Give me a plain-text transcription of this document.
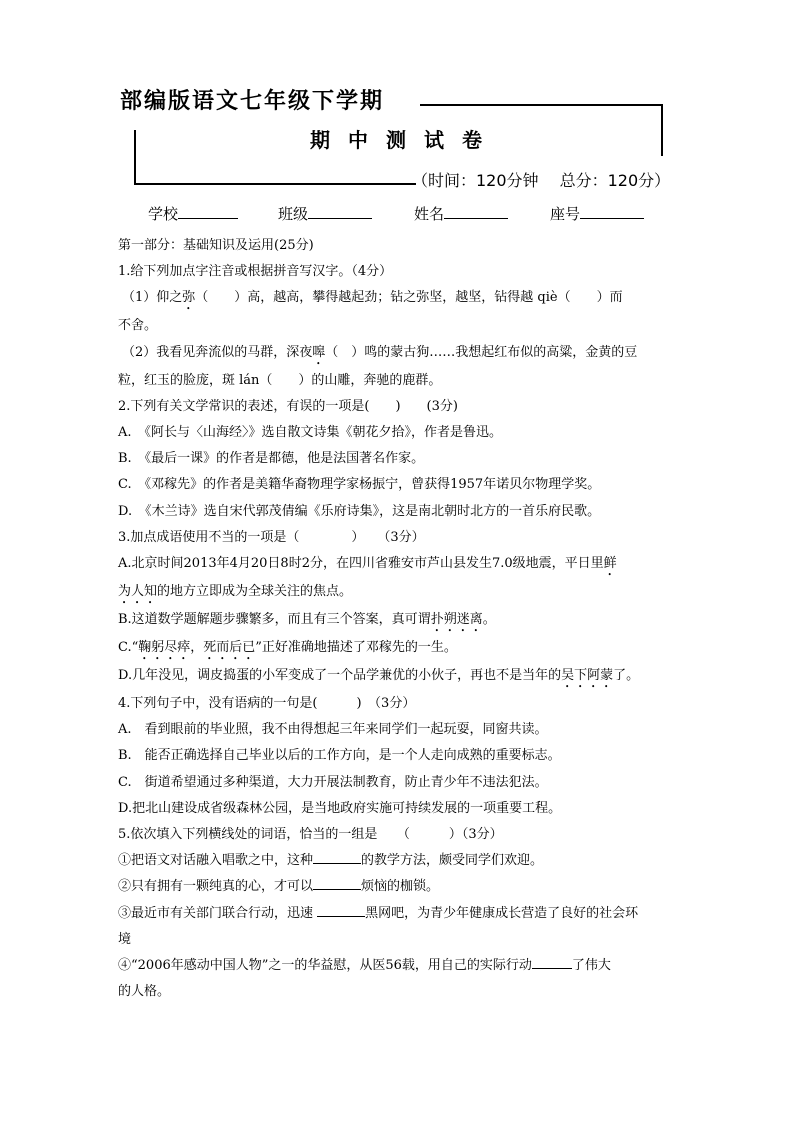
部编版语文七年级下学期
期中测试卷
（时间：120分钟　 总分：120分）
学校	班级	姓名	座号

第一部分：基础知识及运用(25分)

1.给下列加点字注音或根据拼音写汉字。（4分）

（1）仰之弥（　　）高，越高，攀得越起劲；钻之弥坚，越坚，钻得越 qiè（　　）而

不舍。

（2）我看见奔流似的马群，深夜嗥（　）鸣的蒙古狗……我想起红布似的高粱，金黄的豆

粒，红玉的脸庞，斑 lán（　　）的山雕，奔驰的鹿群。

2.下列有关文学常识的表述，有误的一项是(　　)　　(3分)

A.　《阿长与〈山海经〉》选自散文诗集《朝花夕拾》，作者是鲁迅。

B.　《最后一课》的作者是都德，他是法国著名作家。

C.　《邓稼先》的作者是美籍华裔物理学家杨振宁，曾获得1957年诺贝尔物理学奖。

D.　《木兰诗》选自宋代郭茂倩编《乐府诗集》，这是南北朝时北方的一首乐府民歌。

3.加点成语使用不当的一项是（　　　　）　　（3分）

A.北京时间2013年4月20日8时2分，在四川省雅安市芦山县发生7.0级地震，平日里鲜

为人知的地方立即成为全球关注的焦点。

B.这道数学题解题步骤繁多，而且有三个答案，真可谓扑朔迷离。

C.“鞠躬尽瘁，死而后已”正好准确地描述了邓稼先的一生。

D.几年没见，调皮捣蛋的小军变成了一个品学兼优的小伙子，再也不是当年的吴下阿蒙了。

4.下列句子中，没有语病的一句是(　　　)　（3分）

A.　看到眼前的毕业照，我不由得想起三年来同学们一起玩耍，同窗共读。

B.　能否正确选择自己毕业以后的工作方向，是一个人走向成熟的重要标志。

C.　街道希望通过多种渠道，大力开展法制教育，防止青少年不违法犯法。

D.把北山建设成省级森林公园，是当地政府实施可持续发展的一项重要工程。

5.依次填入下列横线处的词语，恰当的一组是　　（　　　）（3分）

①把语文对话融入唱歌之中，这种	的教学方法，颇受同学们欢迎。

②只有拥有一颗纯真的心，才可以	烦恼的枷锁。

③最近市有关部门联合行动，迅速	黑网吧，为青少年健康成长营造了良好的社会环

境

④“2006年感动中国人物”之一的华益慰，从医56载，用自己的实际行动	了伟大

的人格。
